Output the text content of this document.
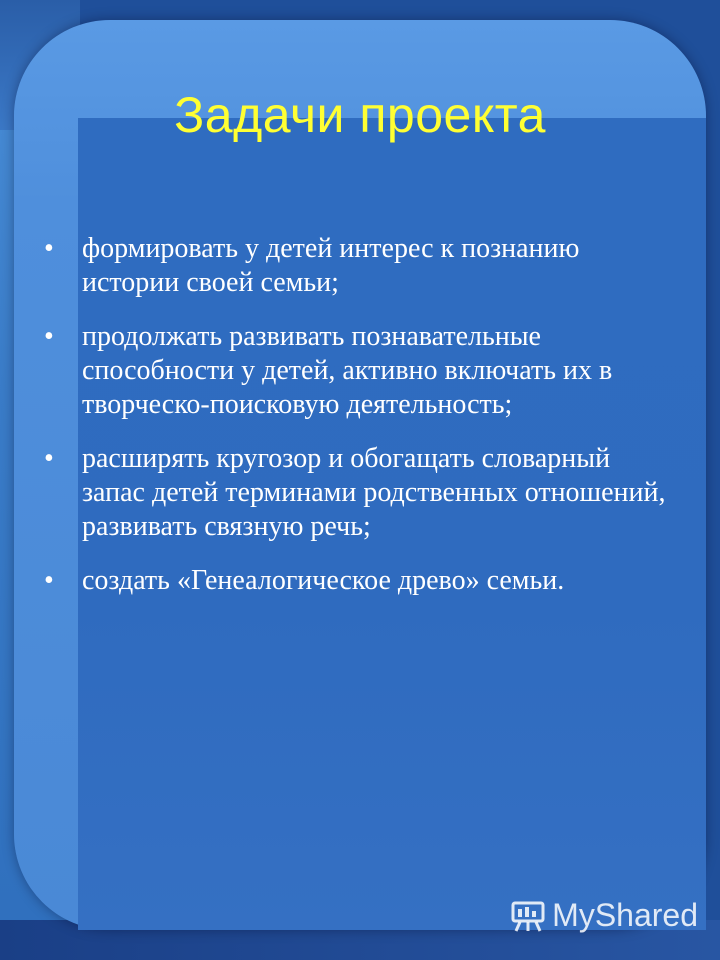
Задачи проекта
• формировать у детей интерес к познанию истории своей семьи;
• продолжать развивать познавательные способности у детей, активно включать их в творческо-поисковую деятельность;
• расширять кругозор и обогащать словарный запас детей терминами родственных отношений, развивать связную речь;
• создать «Генеалогическое древо» семьи.
MyShared
